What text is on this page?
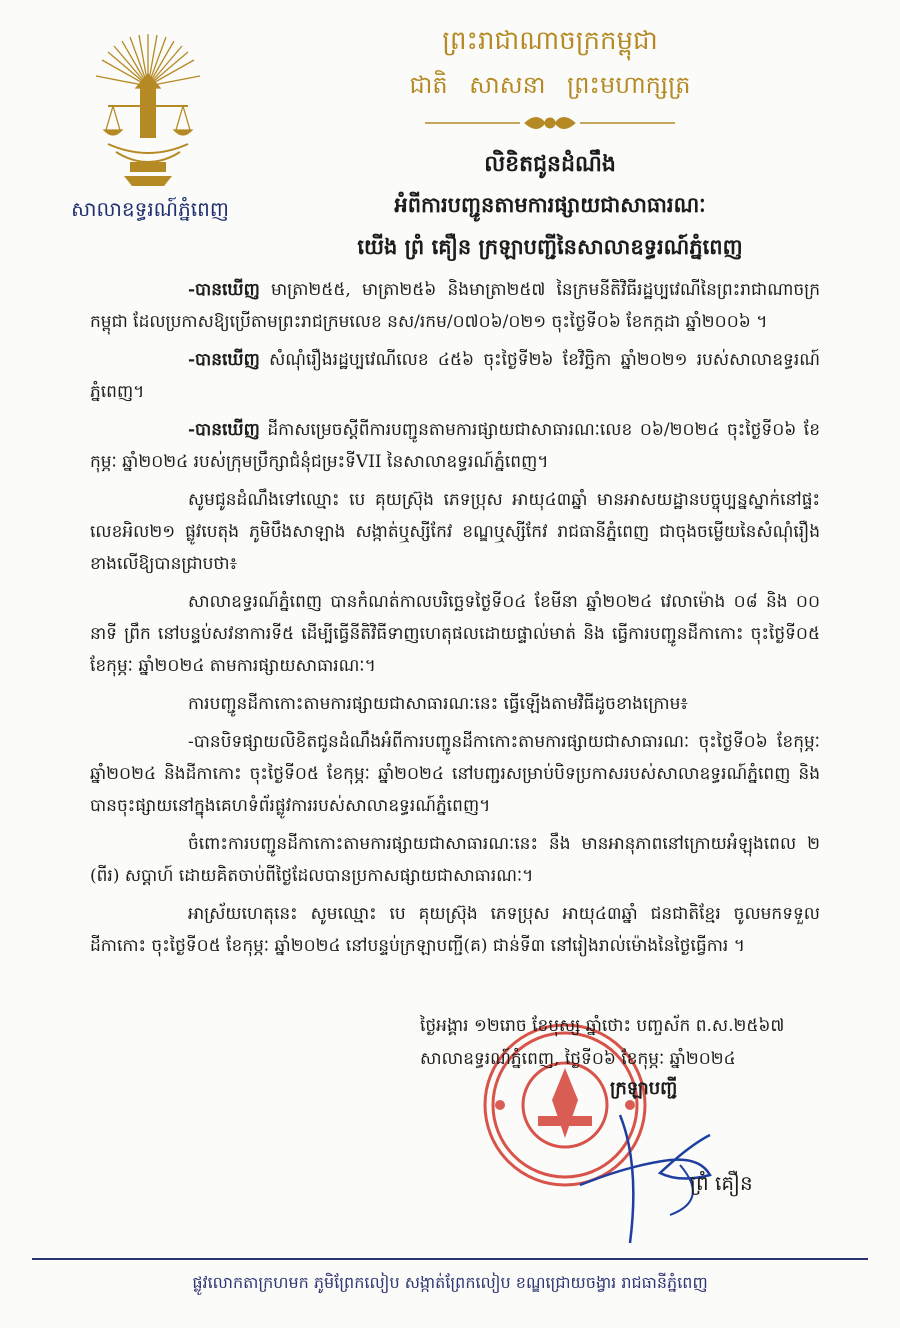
សាលាឧទ្ធរណ៍ភ្នំពេញ
ព្រះរាជាណាចក្រកម្ពុជា
ជាតិ សាសនា ព្រះមហាក្សត្រ
លិខិតជូនដំណឹង
អំពីការបញ្ជូនតាមការផ្សាយជាសាធារណៈ
យើង ព្រំ គឿន ក្រឡាបញ្ជីនៃសាលាឧទ្ធរណ៍ភ្នំពេញ

-បានឃើញ មាត្រា២៥៥, មាត្រា២៥៦ និងមាត្រា២៥៧ នៃក្រមនីតិវិធីរដ្ឋប្បវេណីនៃព្រះរាជាណាចក្រកម្ពុជា ដែលប្រកាសឱ្យប្រើតាមព្រះរាជក្រមលេខ នស/រកម/០៧០៦/០២១ ចុះថ្ងៃទី០៦ ខែកក្កដា ឆ្នាំ២០០៦ ។

-បានឃើញ សំណុំរឿងរដ្ឋប្បវេណីលេខ ៤៥៦ ចុះថ្ងៃទី២៦ ខែវិច្ឆិកា ឆ្នាំ២០២១ របស់សាលាឧទ្ធរណ៍ភ្នំពេញ។

-បានឃើញ ដីកាសម្រេចស្តីពីការបញ្ជូនតាមការផ្សាយជាសាធារណៈលេខ ០៦/២០២៤ ចុះថ្ងៃទី០៦ ខែកុម្ភៈ ឆ្នាំ២០២៤ របស់ក្រុមប្រឹក្សាជំនុំជម្រះទីVII នៃសាលាឧទ្ធរណ៍ភ្នំពេញ។

សូមជូនដំណឹងទៅឈ្មោះ បេ គុយស្រ៊ុង ភេទប្រុស អាយុ៤៣ឆ្នាំ មានអាសយដ្ឋានបច្ចុប្បន្នស្នាក់នៅផ្ទះលេខអិល២១ ផ្លូវបេតុង ភូមិបឹងសាឡាង សង្កាត់ឬស្សីកែវ ខណ្ឌឬស្សីកែវ រាជធានីភ្នំពេញ ជាចុងចម្លើយនៃសំណុំរឿងខាងលើឱ្យបានជ្រាបថា៖

សាលាឧទ្ធរណ៍ភ្នំពេញ បានកំណត់កាលបរិច្ឆេទថ្ងៃទី០៤ ខែមីនា ឆ្នាំ២០២៤ វេលាម៉ោង ០៨ និង ០០ នាទី ព្រឹក នៅបន្ទប់សវនាការទី៥ ដើម្បីធ្វើនីតិវិធីទាញហេតុផលដោយផ្ទាល់មាត់ និង ធ្វើការបញ្ជូនដីកាកោះ ចុះថ្ងៃទី០៥ ខែកុម្ភៈ ឆ្នាំ២០២៤ តាមការផ្សាយសាធារណៈ។

ការបញ្ជូនដីកាកោះតាមការផ្សាយជាសាធារណៈនេះ ធ្វើឡើងតាមវិធីដូចខាងក្រោម៖

-បានបិទផ្សាយលិខិតជូនដំណឹងអំពីការបញ្ជូនដីកាកោះតាមការផ្សាយជាសាធារណៈ ចុះថ្ងៃទី០៦ ខែកុម្ភៈ ឆ្នាំ២០២៤ និងដីកាកោះ ចុះថ្ងៃទី០៥ ខែកុម្ភៈ ឆ្នាំ២០២៤ នៅបញ្ជរសម្រាប់បិទប្រកាសរបស់សាលាឧទ្ធរណ៍ភ្នំពេញ និង បានចុះផ្សាយនៅក្នុងគេហទំព័រផ្លូវការរបស់សាលាឧទ្ធរណ៍ភ្នំពេញ។

ចំពោះការបញ្ជូនដីកាកោះតាមការផ្សាយជាសាធារណៈនេះ នឹង មានអានុភាពនៅក្រោយអំឡុងពេល ២ (ពីរ) សប្តាហ៍ ដោយគិតចាប់ពីថ្ងៃដែលបានប្រកាសផ្សាយជាសាធារណៈ។

អាស្រ័យហេតុនេះ សូមឈ្មោះ បេ គុយស្រ៊ុង ភេទប្រុស អាយុ៤៣ឆ្នាំ ជនជាតិខ្មែរ ចូលមកទទួលដីកាកោះ ចុះថ្ងៃទី០៥ ខែកុម្ភៈ ឆ្នាំ២០២៤ នៅបន្ទប់ក្រឡាបញ្ជី(គ) ជាន់ទី៣ នៅរៀងរាល់ម៉ោងនៃថ្ងៃធ្វើការ ។

ថ្ងៃអង្គារ ១២រោច ខែបុស្ស ឆ្នាំថោះ បញ្ចស័ក ព.ស.២៥៦៧
សាលាឧទ្ធរណ៍ភ្នំពេញ, ថ្ងៃទី០៦ ខែកុម្ភៈ ឆ្នាំ២០២៤
ក្រឡាបញ្ជី
ព្រំ គឿន
ផ្លូវលោកតាក្រហមក ភូមិព្រែកលៀប សង្កាត់ព្រែកលៀប ខណ្ឌជ្រោយចង្វារ រាជធានីភ្នំពេញ
